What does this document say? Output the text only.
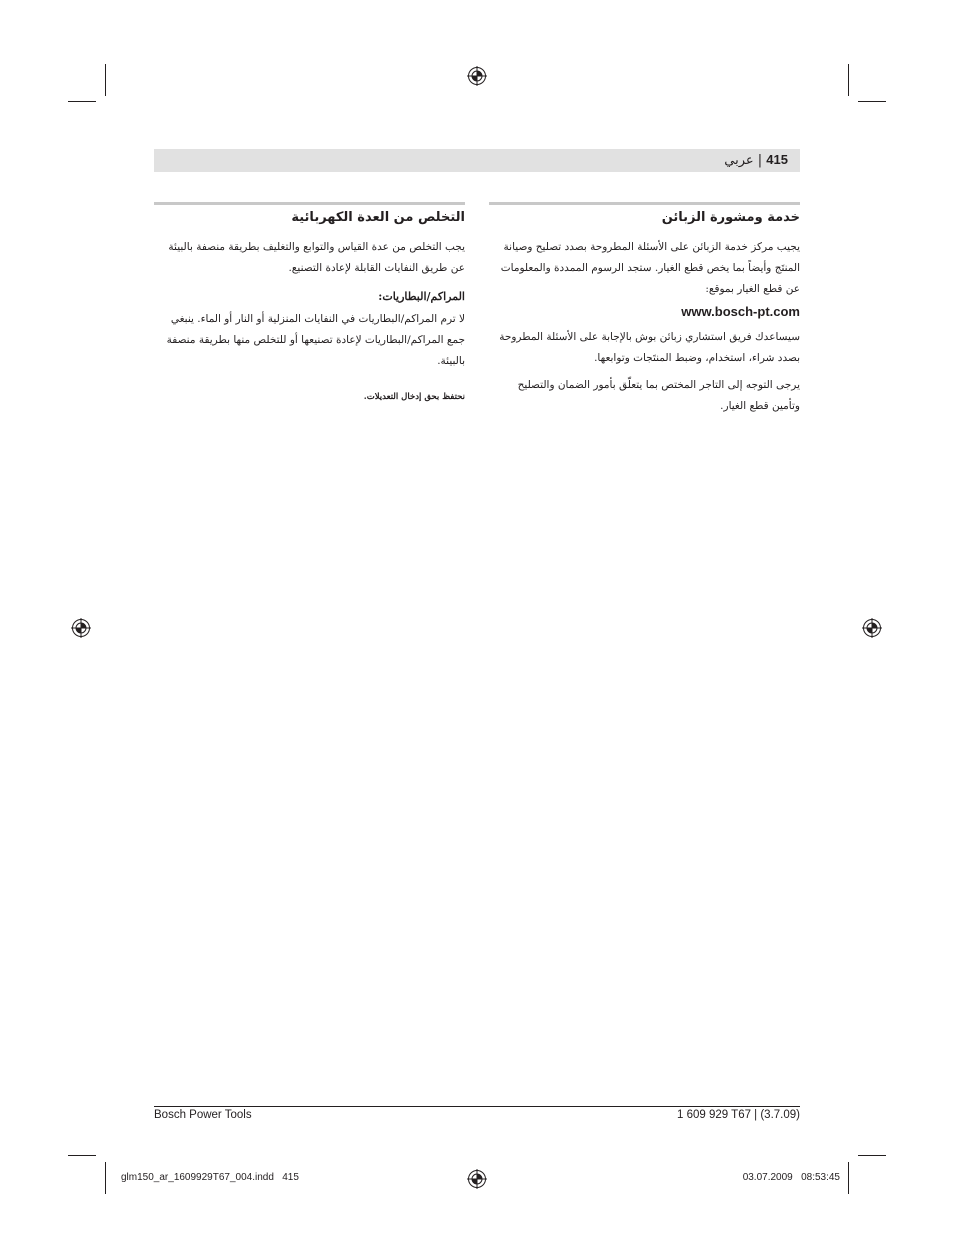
415 | عربي
خدمة ومشورة الزبائن

يجيب مركز خدمة الزبائن على الأسئلة المطروحة بصدد تصليح وصيانة المنتَج وأيضاً بما يخص قطع الغيار. ستجد الرسوم الممددة والمعلومات عن قطع الغيار بموقع:

www.bosch-pt.com

سيساعدك فريق استشاري زبائن بوش بالإجابة على الأسئلة المطروحة بصدد شراء، استخدام، وضبط المنتَجات وتوابعها.

يرجى التوجه إلى التاجر المختص بما يتعلّق بأمور الضمان والتصليح وتأمين قطع الغيار.

التخلص من العدة الكهربائية

يجب التخلص من عدة القياس والتوابع والتغليف بطريقة منصفة بالبيئة عن طريق النفايات القابلة لإعادة التصنيع.

المراكم/البطاريات:

لا ترم المراكم/البطاريات في النفايات المنزلية أو النار أو الماء. ينبغي جمع المراكم/البطاريات لإعادة تصنيعها أو للتخلص منها بطريقة منصفة بالبيئة.

نحتفظ بحق إدخال التعديلات.
Bosch Power Tools	1 609 929 T67 | (3.7.09)
glm150_ar_1609929T67_004.indd   415	03.07.2009   08:53:45
